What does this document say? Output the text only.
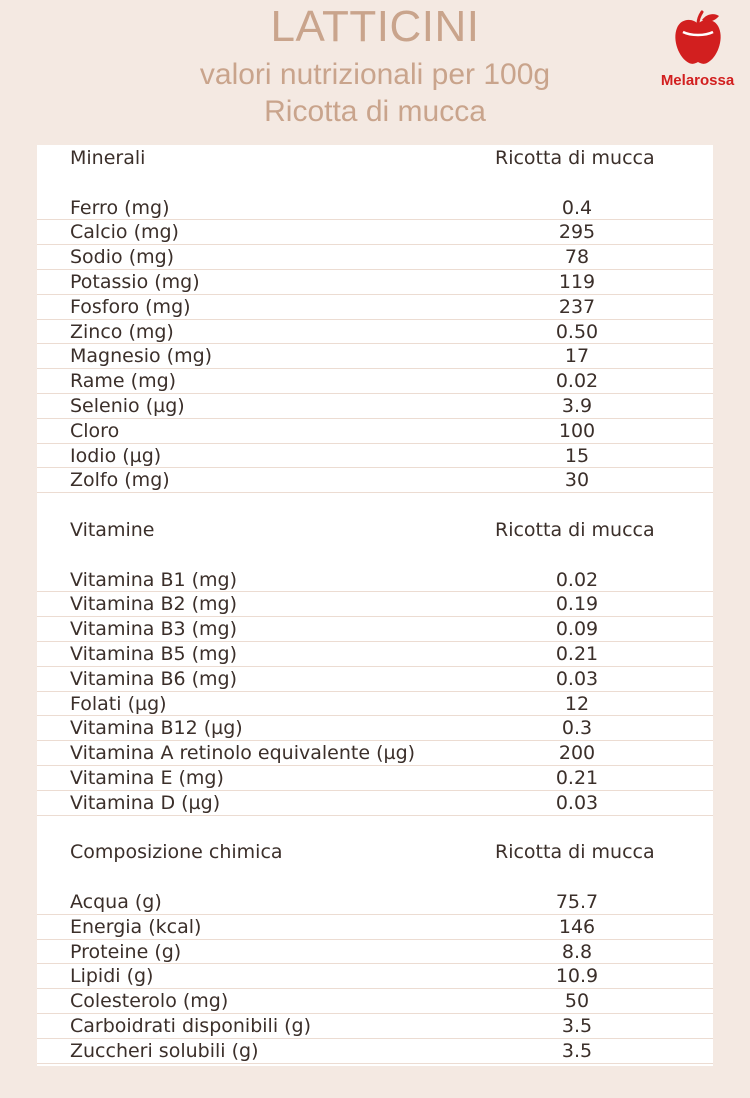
LATTICINI
valori nutrizionali per 100g
Ricotta di mucca
Melarossa
Minerali	Ricotta di mucca
Ferro (mg)	0.4
Calcio (mg)	295
Sodio (mg)	78
Potassio (mg)	119
Fosforo (mg)	237
Zinco (mg)	0.50
Magnesio (mg)	17
Rame (mg)	0.02
Selenio (µg)	3.9
Cloro	100
Iodio (µg)	15
Zolfo (mg)	30
Vitamine	Ricotta di mucca
Vitamina B1 (mg)	0.02
Vitamina B2 (mg)	0.19
Vitamina B3 (mg)	0.09
Vitamina B5 (mg)	0.21
Vitamina B6 (mg)	0.03
Folati (µg)	12
Vitamina B12 (µg)	0.3
Vitamina A retinolo equivalente (µg)	200
Vitamina E (mg)	0.21
Vitamina D (µg)	0.03
Composizione chimica	Ricotta di mucca
Acqua (g)	75.7
Energia (kcal)	146
Proteine (g)	8.8
Lipidi (g)	10.9
Colesterolo (mg)	50
Carboidrati disponibili (g)	3.5
Zuccheri solubili (g)	3.5
